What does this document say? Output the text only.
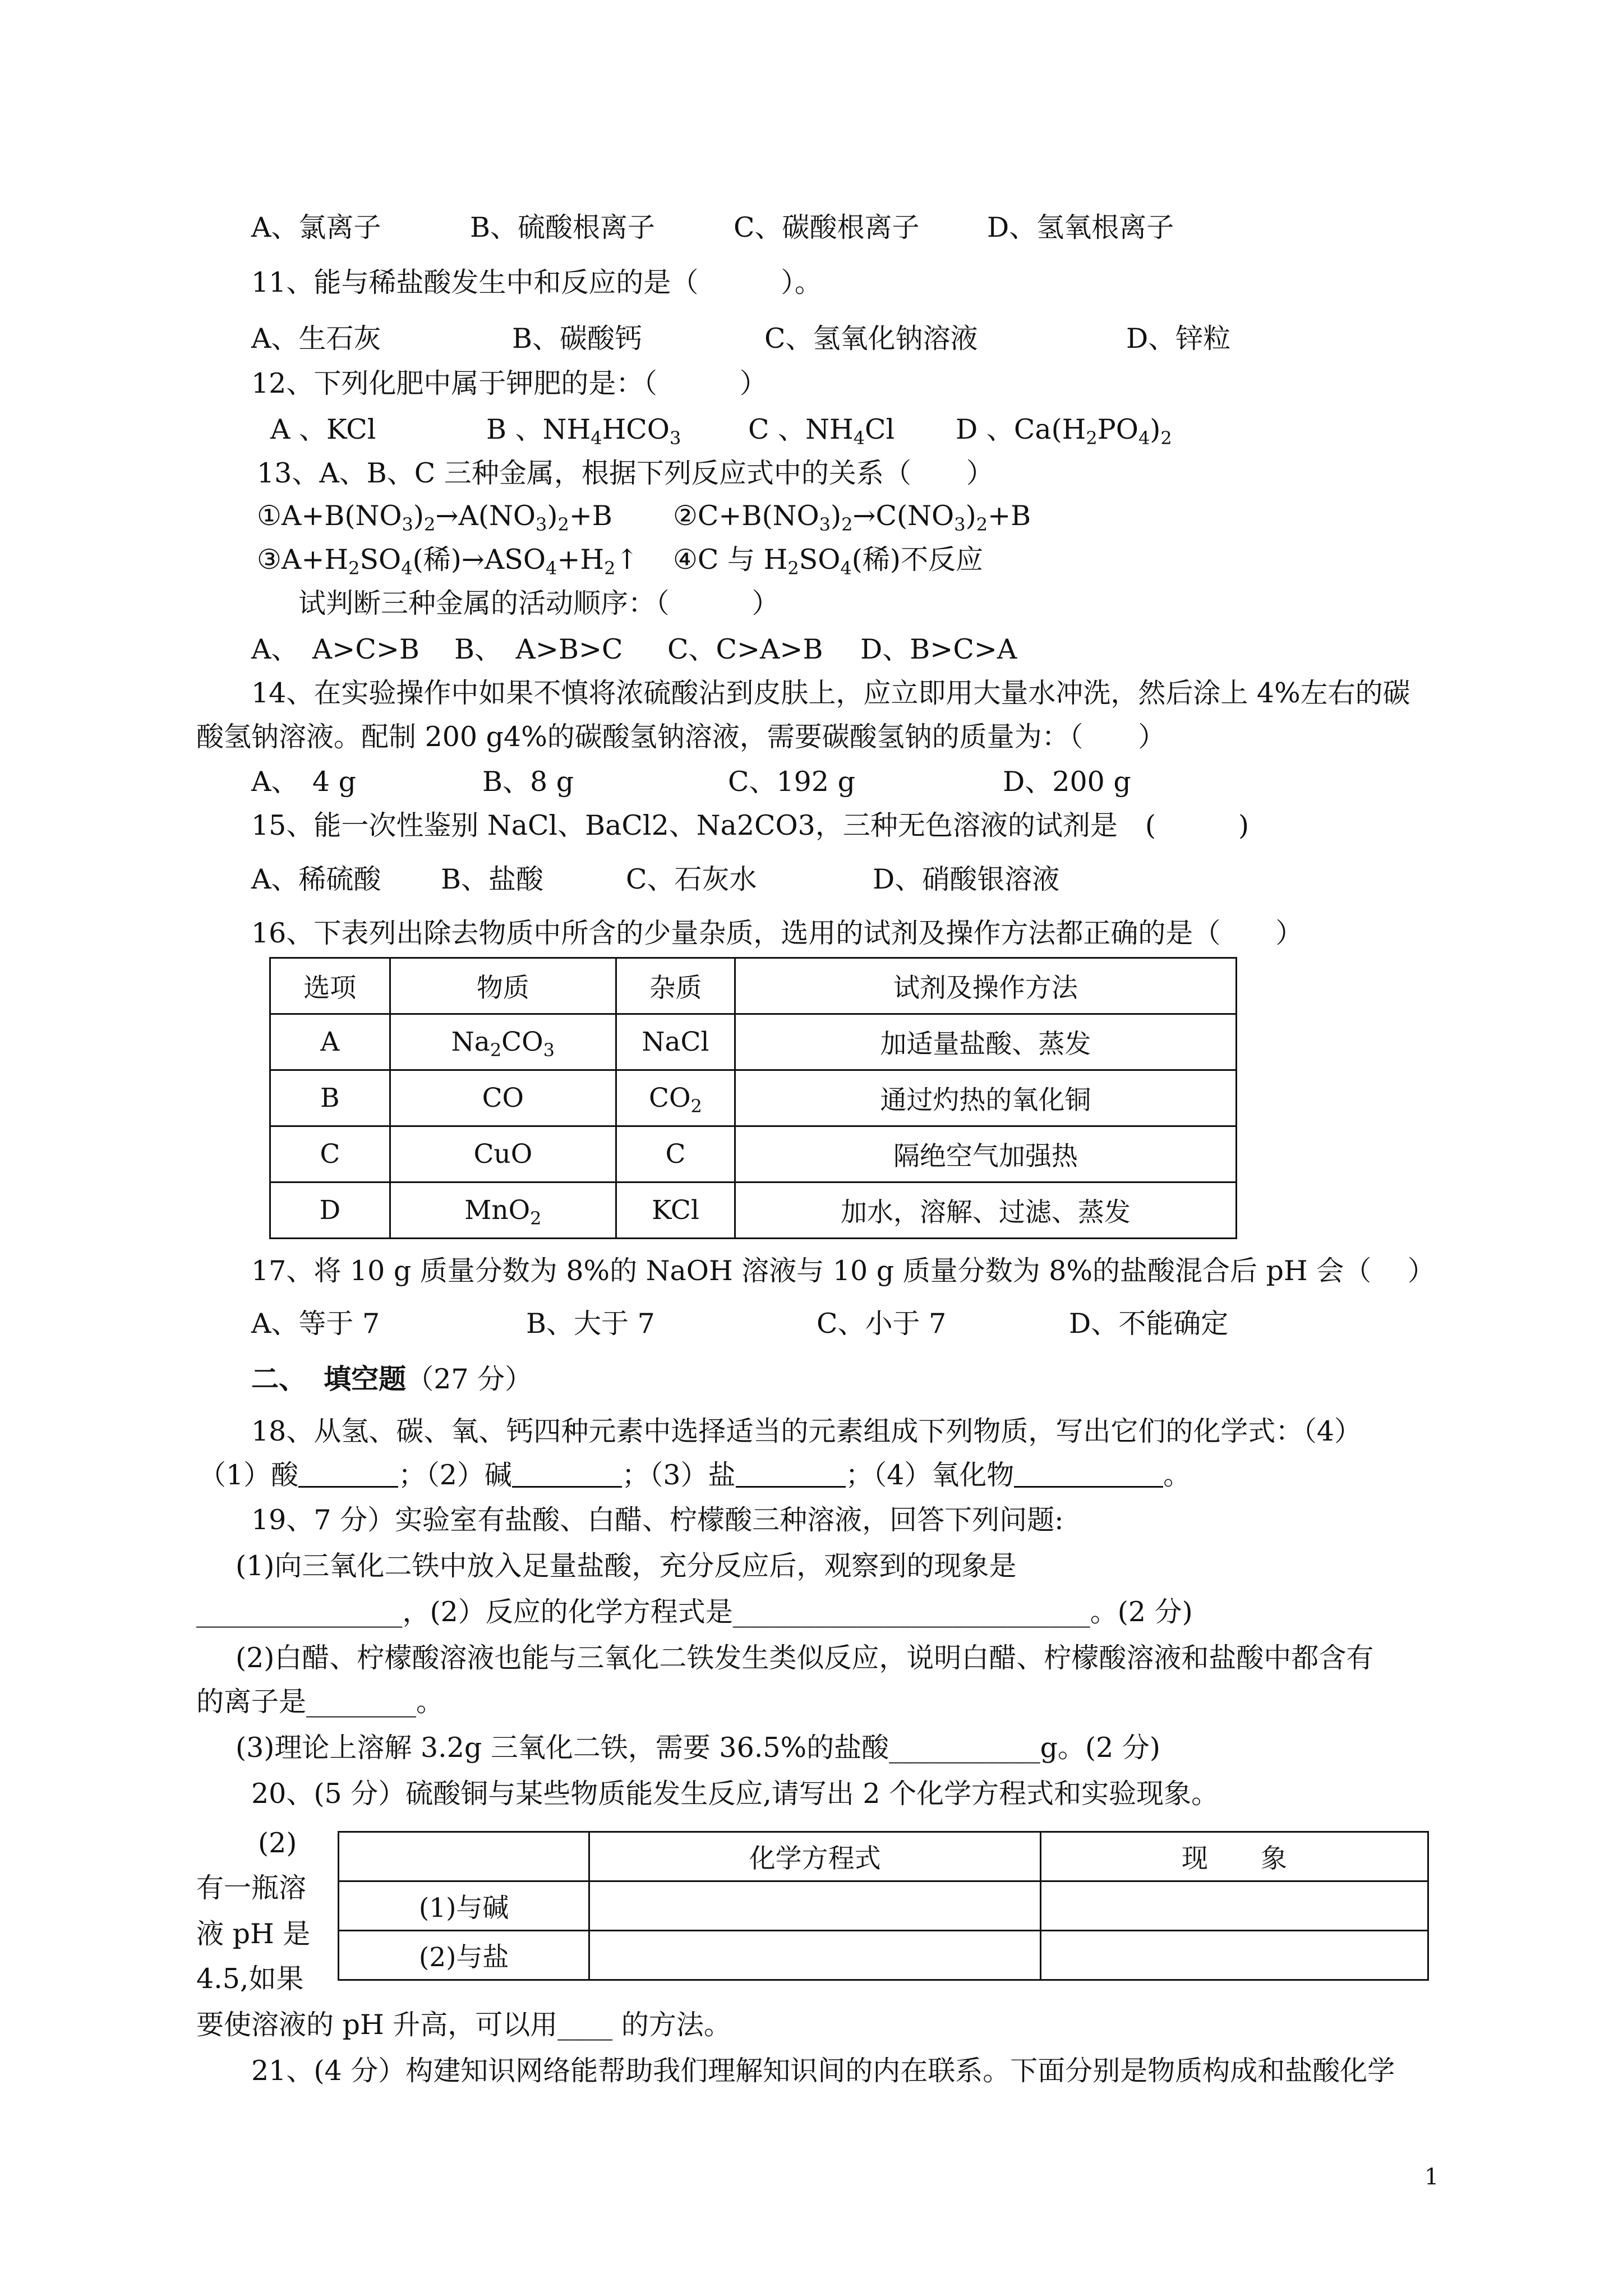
A、氯离子	B、硫酸根离子	C、碳酸根离子 D、氢氧根离子
11、能与稀盐酸发生中和反应的是（　　　）。
A、生石灰	B、碳酸钙	C、氢氧化钠溶液	D、锌粒
12、下列化肥中属于钾肥的是：（　　　）
A 、KCl	B 、$NH_4HCO_3$ C 、$NH_4Cl$ D 、$Ca(H_2PO_4)_2$
13、A、B、C 三种金属，根据下列反应式中的关系（　　）
$①A+B(NO_3)_2\to A(NO_3)_2+B$ $②C+B(NO_3)_2\to C(NO_3)_2+B$
$③A+H_2SO_4$(稀)$\to ASO_4+H_2↑$ ④C 与 $H_2SO_4$(稀)不反应
试判断三种金属的活动顺序：（　　　）
A、　A>C>B B、　A>B>C C、C>A>B D、B>C>A
14、在实验操作中如果不慎将浓硫酸沾到皮肤上，应立即用大量水冲洗，然后涂上 4%左右的碳
酸氢钠溶液。配制 200 g4%的碳酸氢钠溶液，需要碳酸氢钠的质量为：（　　）
A、　4 g	B、8 g	C、192 g	D、200 g
15、能一次性鉴别 NaCl、BaCl2、Na2CO3，三种无色溶液的试剂是　(　　　)
A、稀硫酸 B、盐酸	C、石灰水	D、硝酸银溶液
16、下表列出除去物质中所含的少量杂质，选用的试剂及操作方法都正确的是（　　）
选项	物质	杂质	试剂及操作方法
A	$Na_2CO_3$	NaCl	加适量盐酸、蒸发
B	CO	$CO_2$	通过灼热的氧化铜
C	CuO	C	隔绝空气加强热
D	MnO$_2$	KCl	加水，溶解、过滤、蒸发
17、将 10 g 质量分数为 8%的 NaOH 溶液与 10 g 质量分数为 8%的盐酸混合后 pH 会（　 ）
A、等于 7	B、大于 7	C、小于 7	D、不能确定
二、 填空题（27 分）
18、从氢、碳、氧、钙四种元素中选择适当的元素组成下列物质，写出它们的化学式：（4）
（1）酸	；（2）碱	；（3）盐	；（4）氧化物	。
19、7 分）实验室有盐酸、白醋、柠檬酸三种溶液，回答下列问题:
(1)向三氧化二铁中放入足量盐酸，充分反应后，观察到的现象是
_______________，(2）反应的化学方程式是__________________________。(2 分)
(2)白醋、柠檬酸溶液也能与三氧化二铁发生类似反应，说明白醋、柠檬酸溶液和盐酸中都含有
的离子是________。
(3)理论上溶解 3.2g 三氧化二铁，需要 36.5%的盐酸___________g。(2 分)
20、(5 分）硫酸铜与某些物质能发生反应,请写出 2 个化学方程式和实验现象。
	化学方程式	现　　象
(1)与碱		
(2)与盐		
(2)
有一瓶溶
液 pH 是
4.5,如果
要使溶液的 pH 升高，可以用____ 的方法。
21、(4 分）构建知识网络能帮助我们理解知识间的内在联系。下面分别是物质构成和盐酸化学
1
